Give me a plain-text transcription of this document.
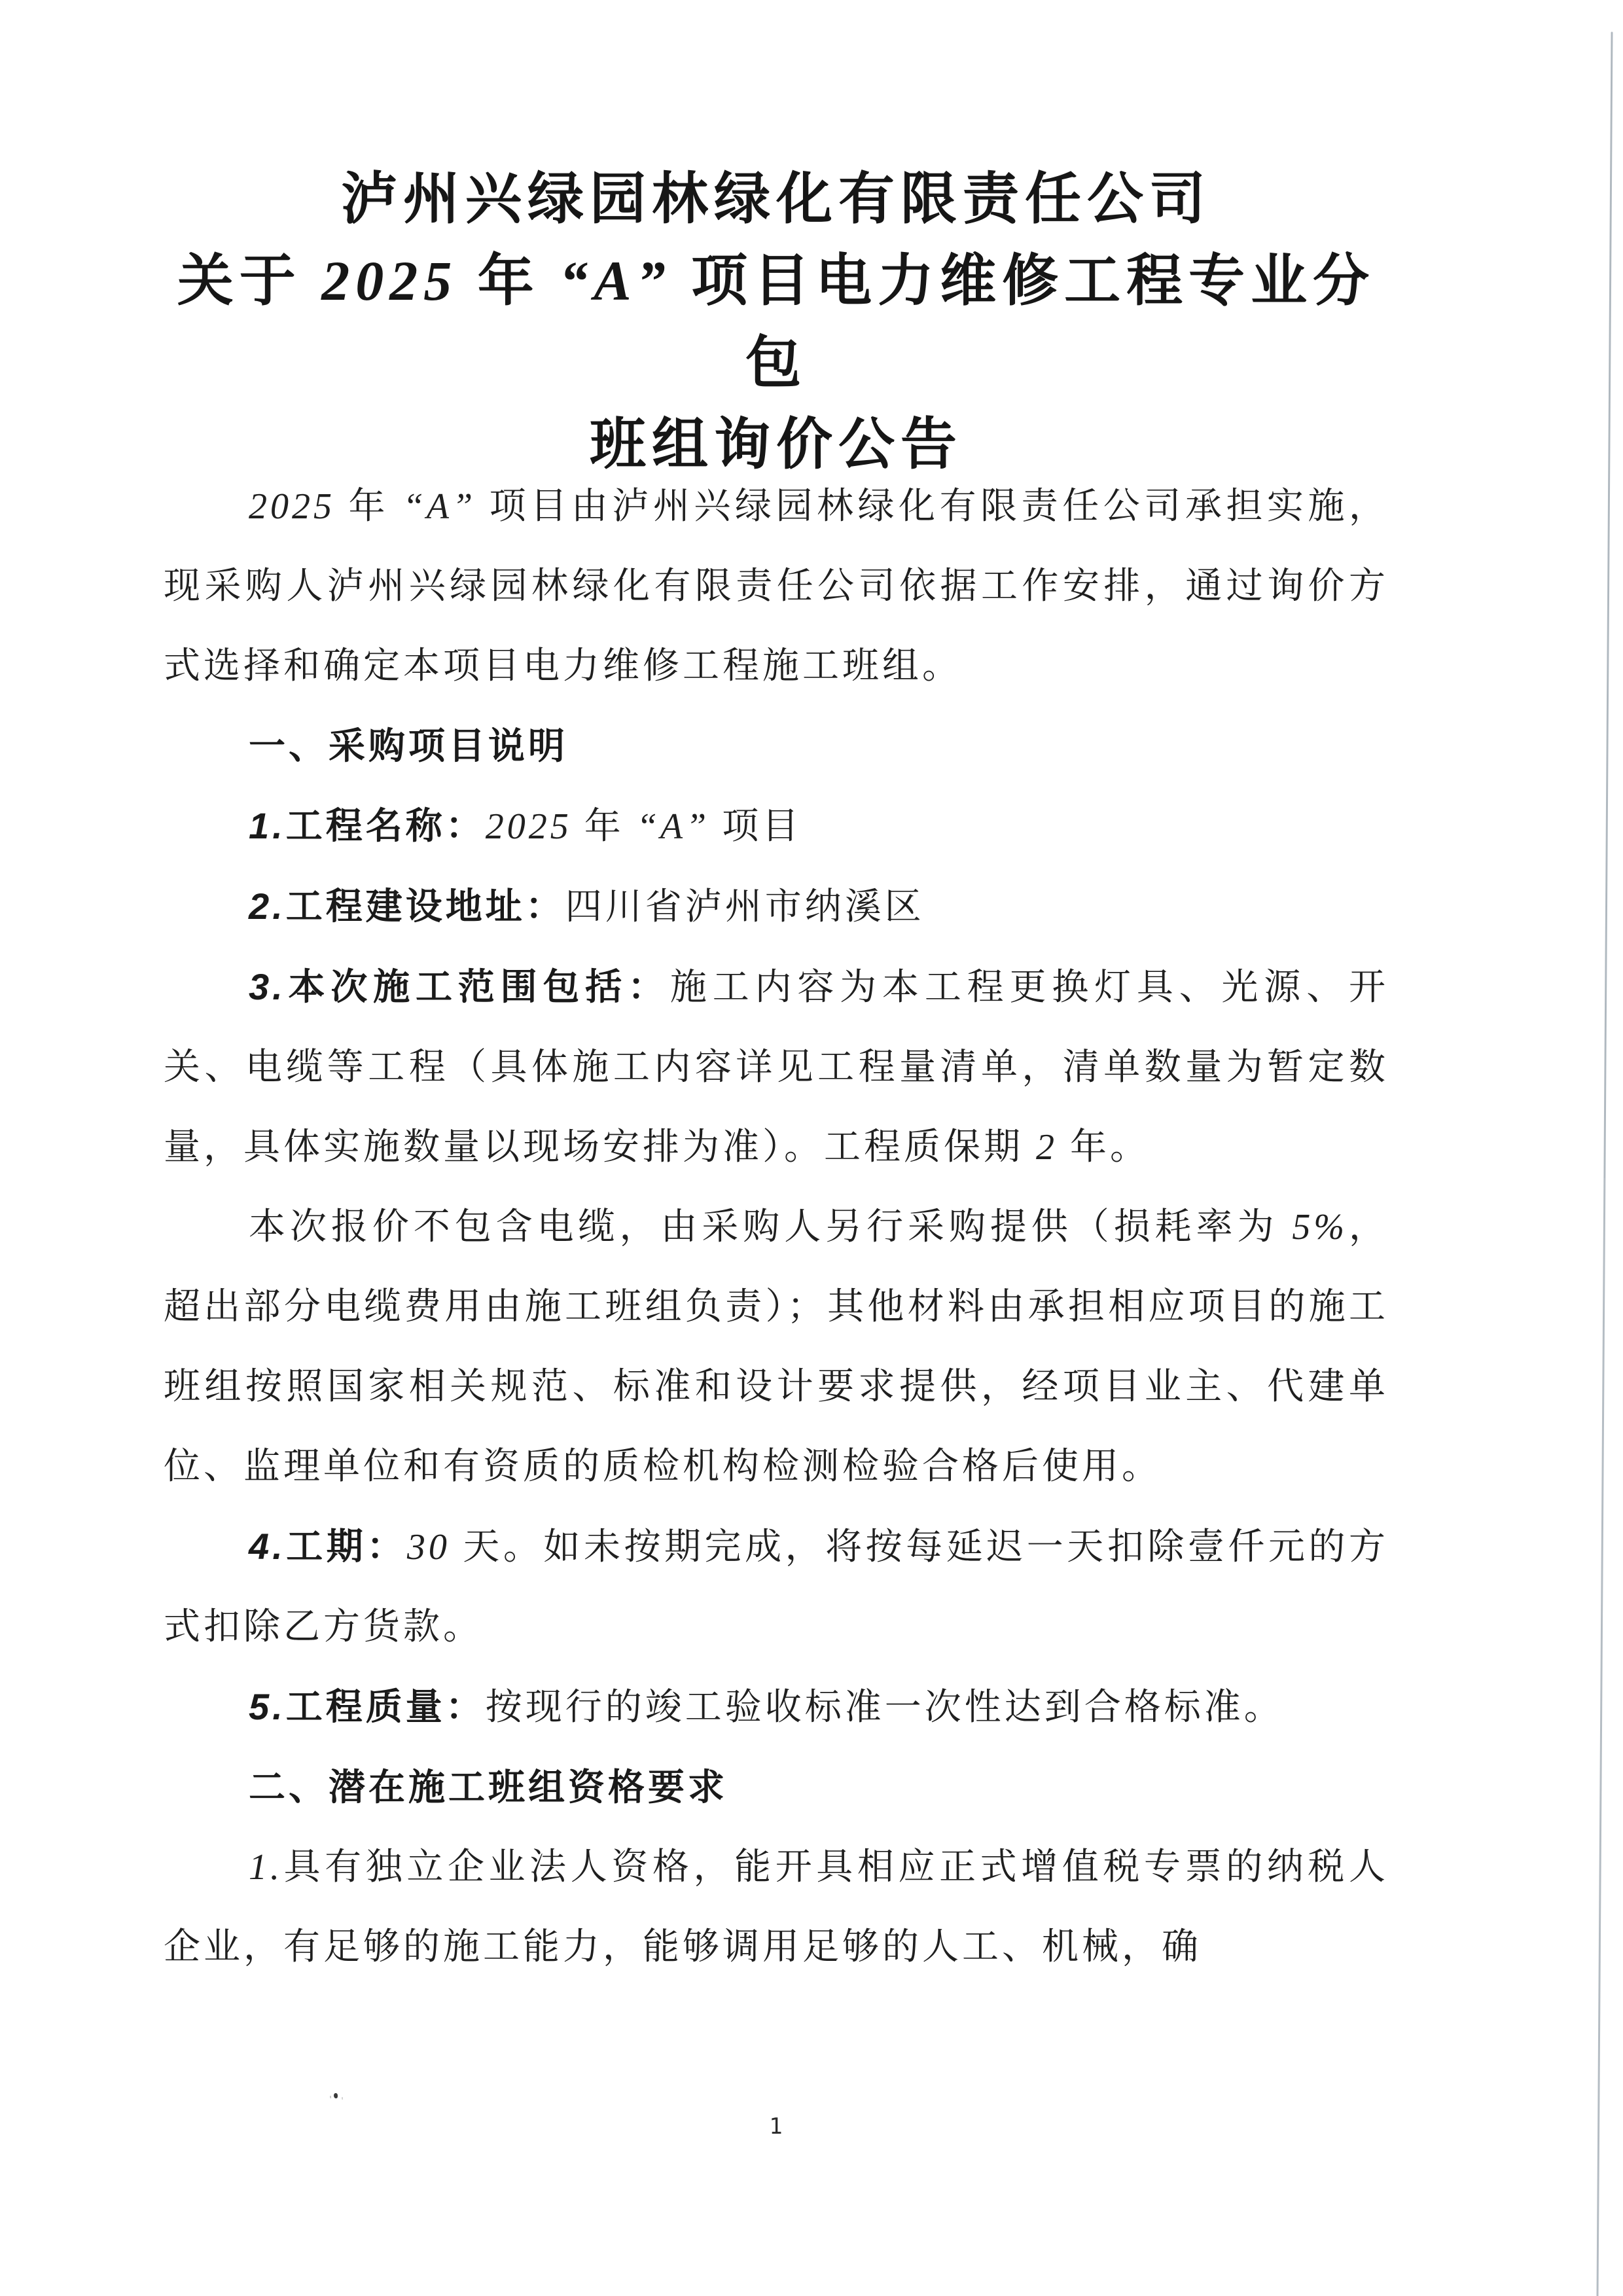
泸州兴绿园林绿化有限责任公司
关于 2025 年 “A” 项目电力维修工程专业分包
班组询价公告

2025 年 “A” 项目由泸州兴绿园林绿化有限责任公司承担实施，现采购人泸州兴绿园林绿化有限责任公司依据工作安排，通过询价方式选择和确定本项目电力维修工程施工班组。

一、采购项目说明

1.工程名称：2025 年 “A” 项目

2.工程建设地址：四川省泸州市纳溪区

3.本次施工范围包括：施工内容为本工程更换灯具、光源、开关、电缆等工程（具体施工内容详见工程量清单，清单数量为暂定数量，具体实施数量以现场安排为准）。工程质保期 2 年。

本次报价不包含电缆，由采购人另行采购提供（损耗率为 5%，超出部分电缆费用由施工班组负责）；其他材料由承担相应项目的施工班组按照国家相关规范、标准和设计要求提供，经项目业主、代建单位、监理单位和有资质的质检机构检测检验合格后使用。

4.工期：30 天。如未按期完成，将按每延迟一天扣除壹仟元的方式扣除乙方货款。

5.工程质量：按现行的竣工验收标准一次性达到合格标准。

二、潜在施工班组资格要求

1.具有独立企业法人资格，能开具相应正式增值税专票的纳税人企业，有足够的施工能力，能够调用足够的人工、机械，确

1
